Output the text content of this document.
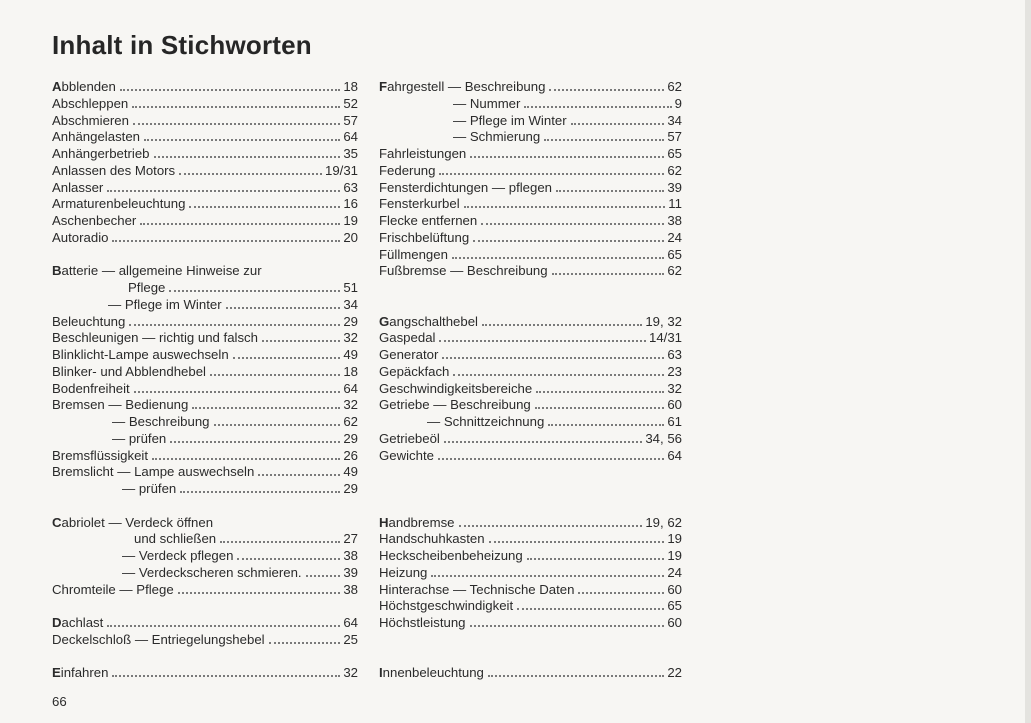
Inhalt in Stichworten
Abblenden	18
Abschleppen	52
Abschmieren	57
Anhängelasten	64
Anhängerbetrieb	35
Anlassen des Motors	19/31
Anlasser	63
Armaturenbeleuchtung	16
Aschenbecher	19
Autoradio	20
Batterie — allgemeine Hinweise zur
Pflege	51
— Pflege im Winter	34
Beleuchtung	29
Beschleunigen — richtig und falsch	32
Blinklicht-Lampe auswechseln	49
Blinker- und Abblendhebel	18
Bodenfreiheit	64
Bremsen — Bedienung	32
— Beschreibung	62
— prüfen	29
Bremsflüssigkeit	26
Bremslicht — Lampe auswechseln	49
— prüfen	29
Cabriolet — Verdeck öffnen
und schließen	27
— Verdeck pflegen	38
— Verdeckscheren schmieren.	39
Chromteile — Pflege	38
Dachlast	64
Deckelschloß — Entriegelungshebel	25
Einfahren	32
Fahrgestell — Beschreibung	62
— Nummer	9
— Pflege im Winter	34
— Schmierung	57
Fahrleistungen	65
Federung	62
Fensterdichtungen — pflegen	39
Fensterkurbel	11
Flecke entfernen	38
Frischbelüftung	24
Füllmengen	65
Fußbremse — Beschreibung	62
Gangschalthebel	19, 32
Gaspedal	14/31
Generator	63
Gepäckfach	23
Geschwindigkeitsbereiche	32
Getriebe — Beschreibung	60
— Schnittzeichnung	61
Getriebeöl	34, 56
Gewichte	64
Handbremse	19, 62
Handschuhkasten	19
Heckscheibenbeheizung	19
Heizung	24
Hinterachse — Technische Daten	60
Höchstgeschwindigkeit	65
Höchstleistung	60
Innenbeleuchtung	22
66
